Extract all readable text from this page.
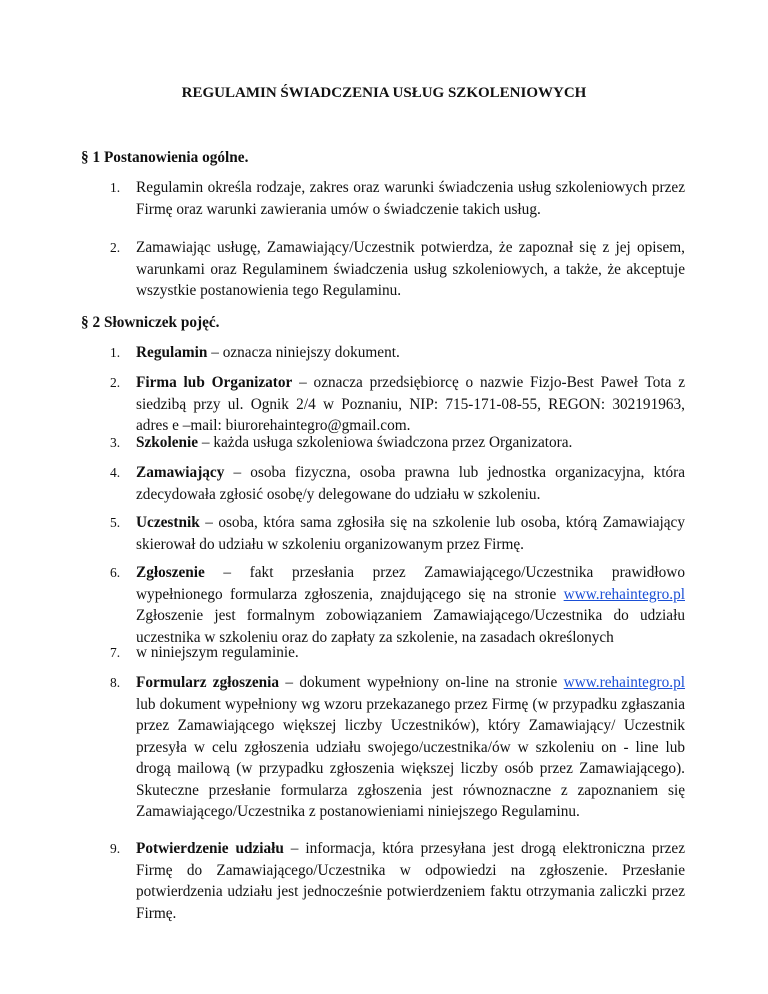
REGULAMIN ŚWIADCZENIA USŁUG SZKOLENIOWYCH
§ 1 Postanowienia ogólne.
1.	Regulamin określa rodzaje, zakres oraz warunki świadczenia usług szkoleniowych przez Firmę oraz warunki zawierania umów o świadczenie takich usług.
2.	Zamawiając usługę, Zamawiający/Uczestnik potwierdza, że zapoznał się z jej opisem, warunkami oraz Regulaminem świadczenia usług szkoleniowych, a także, że akceptuje wszystkie postanowienia tego Regulaminu.
§ 2 Słowniczek pojęć.
1.	Regulamin – oznacza niniejszy dokument.
2.	Firma lub Organizator – oznacza przedsiębiorcę o nazwie Fizjo-Best Paweł Tota z siedzibą przy ul. Ognik 2/4 w Poznaniu, NIP: 715-171-08-55, REGON: 302191963, adres e –mail: biurorehaintegro@gmail.com.
3.	Szkolenie – każda usługa szkoleniowa świadczona przez Organizatora.
4.	Zamawiający – osoba fizyczna, osoba prawna lub jednostka organizacyjna, która zdecydowała zgłosić osobę/y delegowane do udziału w szkoleniu.
5.	Uczestnik – osoba, która sama zgłosiła się na szkolenie lub osoba, którą Zamawiający skierował do udziału w szkoleniu organizowanym przez Firmę.
6.	Zgłoszenie – fakt przesłania przez Zamawiającego/Uczestnika prawidłowo wypełnionego formularza zgłoszenia, znajdującego się na stronie www.rehaintegro.pl Zgłoszenie jest formalnym zobowiązaniem Zamawiającego/Uczestnika do udziału uczestnika w szkoleniu oraz do zapłaty za szkolenie, na zasadach określonych
7.	w niniejszym regulaminie.
8.	Formularz zgłoszenia – dokument wypełniony on-line na stronie www.rehaintegro.pl lub dokument wypełniony wg wzoru przekazanego przez Firmę (w przypadku zgłaszania przez Zamawiającego większej liczby Uczestników), który Zamawiający/ Uczestnik przesyła w celu zgłoszenia udziału swojego/uczestnika/ów w szkoleniu on - line lub drogą mailową (w przypadku zgłoszenia większej liczby osób przez Zamawiającego). Skuteczne przesłanie formularza zgłoszenia jest równoznaczne z zapoznaniem się Zamawiającego/Uczestnika z postanowieniami niniejszego Regulaminu.
9.	Potwierdzenie udziału – informacja, która przesyłana jest drogą elektroniczna przez Firmę do Zamawiającego/Uczestnika w odpowiedzi na zgłoszenie. Przesłanie potwierdzenia udziału jest jednocześnie potwierdzeniem faktu otrzymania zaliczki przez Firmę.
